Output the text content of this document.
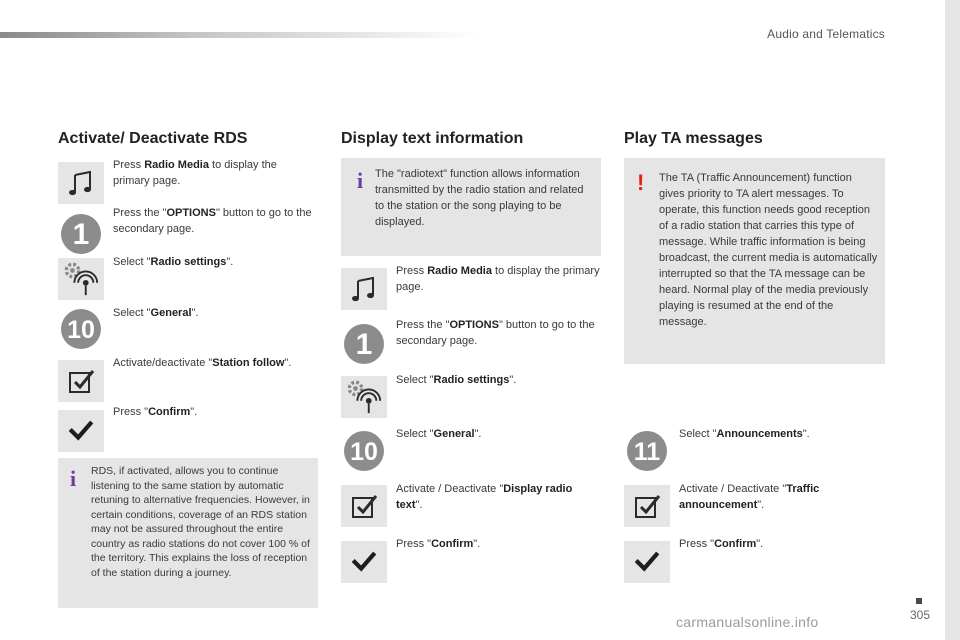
Audio and Telematics
Activate/ Deactivate RDS
Press Radio Media to display the primary page.
1
Press the "OPTIONS" button to go to the secondary page.
Select "Radio settings".
10
Select "General".
Activate/deactivate "Station follow".
Press "Confirm".
i RDS, if activated, allows you to continue listening to the same station by automatic retuning to alternative frequencies. However, in certain conditions, coverage of an RDS station may not be assured throughout the entire country as radio stations do not cover 100 % of the territory. This explains the loss of reception of the station during a journey.
Display text information
i The "radiotext" function allows information transmitted by the radio station and related to the station or the song playing to be displayed.
Press Radio Media to display the primary page.
1
Press the "OPTIONS" button to go to the secondary page.
Select "Radio settings".
10
Select "General".
Activate / Deactivate "Display radio text".
Press "Confirm".
Play TA messages
! The TA (Traffic Announcement) function gives priority to TA alert messages. To operate, this function needs good reception of a radio station that carries this type of message. While traffic information is being broadcast, the current media is automatically interrupted so that the TA message can be heard. Normal play of the media previously playing is resumed at the end of the message.
11
Select "Announcements".
Activate / Deactivate "Traffic announcement".
Press "Confirm".
305
carmanualsonline.info
